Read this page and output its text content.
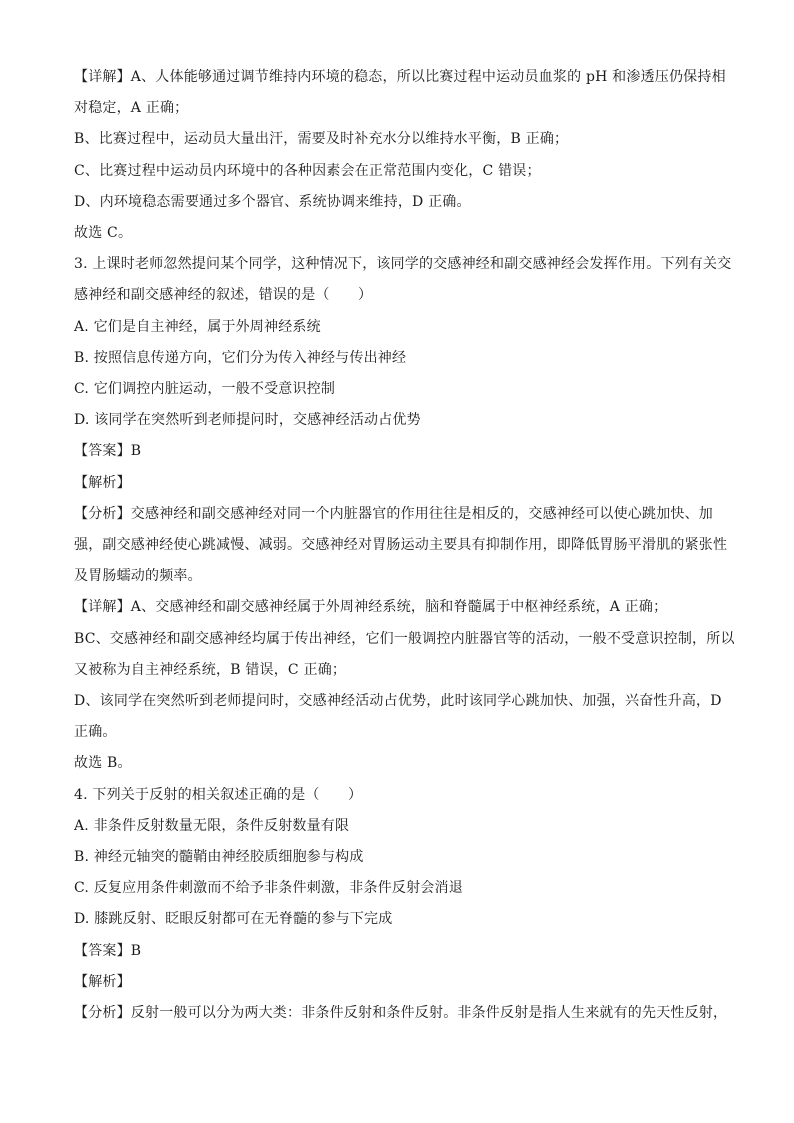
【详解】A、人体能够通过调节维持内环境的稳态，所以比赛过程中运动员血浆的 pH 和渗透压仍保持相
对稳定，A 正确；
B、比赛过程中，运动员大量出汗，需要及时补充水分以维持水平衡，B 正确；
C、比赛过程中运动员内环境中的各种因素会在正常范围内变化，C 错误；
D、内环境稳态需要通过多个器官、系统协调来维持，D 正确。
故选 C。
3. 上课时老师忽然提问某个同学，这种情况下，该同学的交感神经和副交感神经会发挥作用。下列有关交
感神经和副交感神经的叙述，错误的是（　　）
A. 它们是自主神经，属于外周神经系统
B. 按照信息传递方向，它们分为传入神经与传出神经
C. 它们调控内脏运动，一般不受意识控制
D. 该同学在突然听到老师提问时，交感神经活动占优势
【答案】B
【解析】
【分析】交感神经和副交感神经对同一个内脏器官的作用往往是相反的，交感神经可以使心跳加快、加
强，副交感神经使心跳减慢、减弱。交感神经对胃肠运动主要具有抑制作用，即降低胃肠平滑肌的紧张性
及胃肠蠕动的频率。
【详解】A、交感神经和副交感神经属于外周神经系统，脑和脊髓属于中枢神经系统，A 正确；
BC、交感神经和副交感神经均属于传出神经，它们一般调控内脏器官等的活动，一般不受意识控制，所以
又被称为自主神经系统，B 错误，C 正确；
D、该同学在突然听到老师提问时，交感神经活动占优势，此时该同学心跳加快、加强，兴奋性升高，D
正确。
故选 B。
4. 下列关于反射的相关叙述正确的是（　　）
A. 非条件反射数量无限，条件反射数量有限
B. 神经元轴突的髓鞘由神经胶质细胞参与构成
C. 反复应用条件刺激而不给予非条件刺激，非条件反射会消退
D. 膝跳反射、眨眼反射都可在无脊髓的参与下完成
【答案】B
【解析】
【分析】反射一般可以分为两大类：非条件反射和条件反射。非条件反射是指人生来就有的先天性反射，
